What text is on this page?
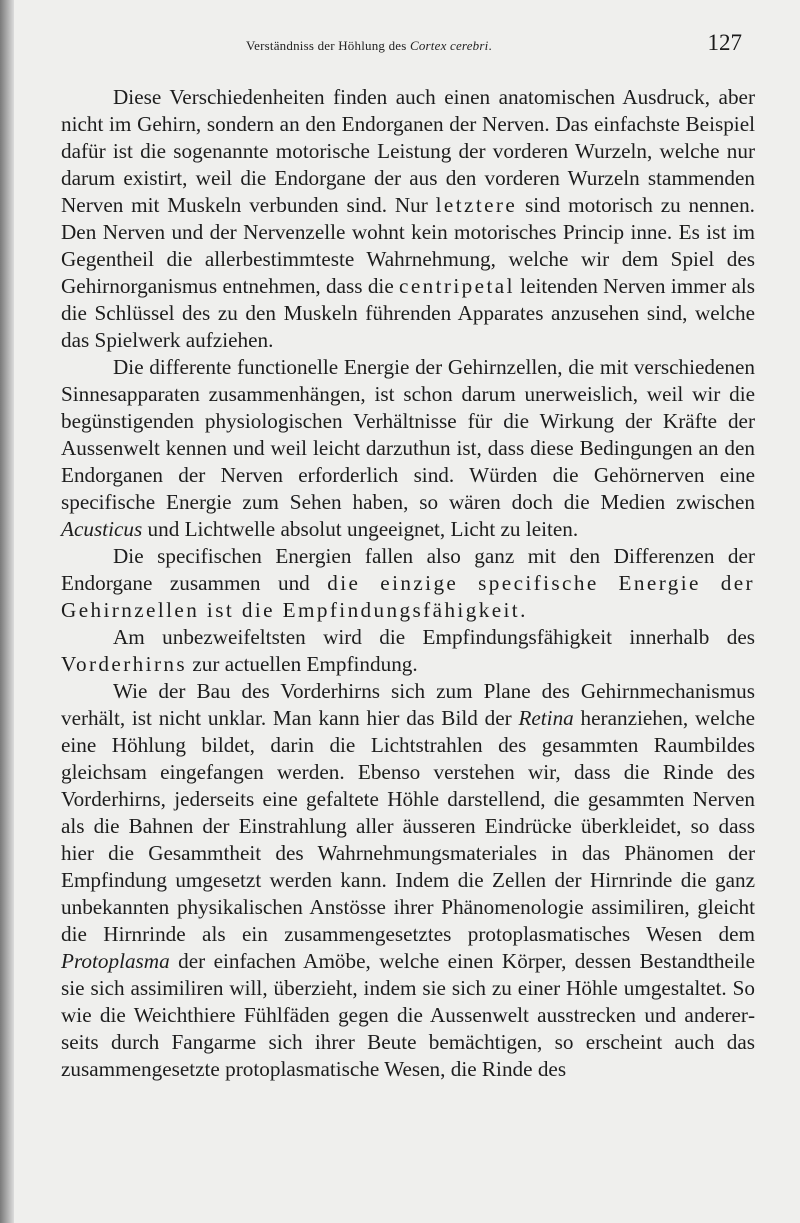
Verständniss der Höhlung des Cortex cerebri.	127

Diese Verschiedenheiten finden auch einen anatomischen Ausdruck, aber nicht im Gehirn, sondern an den Endorganen der Nerven. Das einfachste Beispiel dafür ist die sogenannte motorische Leistung der vorderen Wurzeln, welche nur darum existirt, weil die Endorgane der aus den vorderen Wurzeln stammenden Nerven mit Muskeln verbunden sind. Nur letztere sind motorisch zu nennen. Den Nerven und der Nervenzelle wohnt kein motorisches Princip inne. Es ist im Gegentheil die allerbestimmteste Wahrnehmung, welche wir dem Spiel des Gehirnorganismus entnehmen, dass die centripetal leitenden Nerven immer als die Schlüssel des zu den Muskeln führenden Apparates anzusehen sind, welche das Spielwerk aufziehen.

Die differente functionelle Energie der Gehirnzellen, die mit verschiedenen Sinnesapparaten zusammenhängen, ist schon darum unerweislich, weil wir die begünstigenden physiologischen Verhältnisse für die Wirkung der Kräfte der Aussenwelt kennen und weil leicht darzuthun ist, dass diese Bedingungen an den Endorganen der Nerven erforderlich sind. Würden die Gehörnerven eine specifische Energie zum Sehen haben, so wären doch die Medien zwischen Acusticus und Lichtwelle absolut ungeeignet, Licht zu leiten.

Die specifischen Energien fallen also ganz mit den Differenzen der Endorgane zusammen und die einzige specifische Energie der Gehirnzellen ist die Empfindungsfähigkeit.

Am unbezweifeltsten wird die Empfindungsfähigkeit innerhalb des Vorderhirns zur actuellen Empfindung.

Wie der Bau des Vorderhirns sich zum Plane des Gehirnmechanismus verhält, ist nicht unklar. Man kann hier das Bild der Retina heranziehen, welche eine Höhlung bildet, darin die Lichtstrahlen des gesammten Raumbildes gleichsam eingefangen werden. Ebenso verstehen wir, dass die Rinde des Vorderhirns, jederseits eine gefaltete Höhle darstellend, die gesammten Nerven als die Bahnen der Einstrahlung aller äusseren Eindrücke überkleidet, so dass hier die Gesammtheit des Wahrnehmungsmateriales in das Phänomen der Empfindung umgesetzt werden kann. Indem die Zellen der Hirnrinde die ganz unbekannten physikalischen Anstösse ihrer Phänomenologie assimiliren, gleicht die Hirnrinde als ein zusammengesetztes protoplasmatisches Wesen dem Protoplasma der einfachen Amöbe, welche einen Körper, dessen Bestandtheile sie sich assimiliren will, überzieht, indem sie sich zu einer Höhle umgestaltet. So wie die Weichthiere Fühlfäden gegen die Aussenwelt ausstrecken und andererseits durch Fangarme sich ihrer Beute bemächtigen, so erscheint auch das zusammengesetzte protoplasmatische Wesen, die Rinde des
